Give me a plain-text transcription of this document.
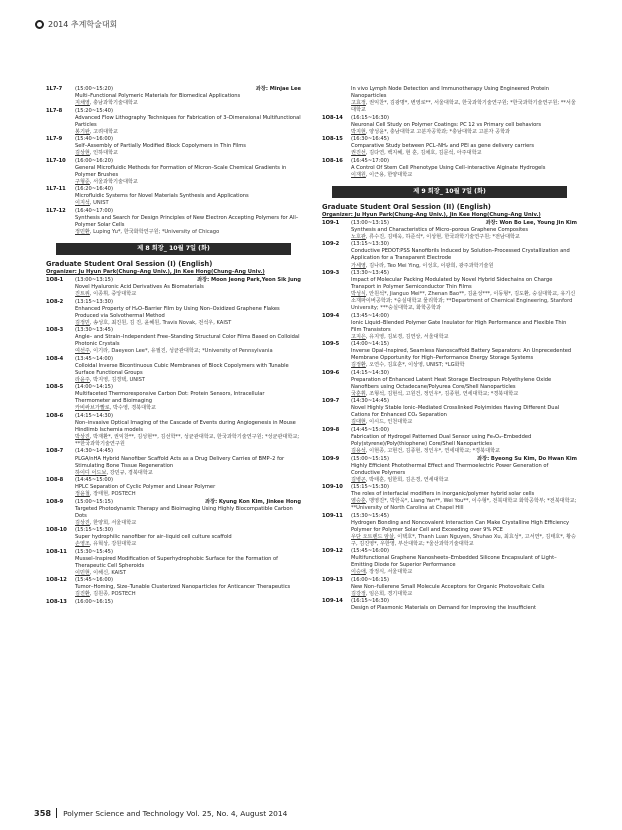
2014 추계학술대회
1L7-7	(15:00~15:20)	좌장: Minjae Lee
Multi–Functional Polymeric Materials for Biomedical Applications
지채영, 충남과학기술대학교
1L7-8	(15:20~15:40)
Advanced Flow Lithography Techniques for Fabrication of 3–Dimensional Multifunctional Particles
봉기완, 고려대학교
1L7-9	(15:40~16:00)
Self–Assembly of Partially Modified Block Copolymers in Thin Films
김상현, 인하대학교
1L7-10	(16:00~16:20)
General Microfluidic Methods for Formation of Micron–Scale Chemical Gradients in Polymer Brushes
구형준, 서울과학기술대학교
1L7-11	(16:20~16:40)
Microfluidic Systems for Novel Materials Synthesis and Applications
이지석, UNIST
1L7-12	(16:40~17:00)
Synthesis and Search for Design Principles of New Electron Accepting Polymers for All–Polymer Solar Cells
정민환, Luping Yu*, 한국화학연구원; *University of Chicago
제 8 회장_ 10월 7일 (화)
Graduate Student Oral Session (I) (English)
Organizer: Ju Hyun Park(Chung–Ang Univ.), Jin Kee Hong(Chung–Ang Univ.)
1O8-1	(13:00~13:15)	좌장: Moon Jeong Park,Yeon Sik Jung
Novel Hyaluronic Acid Derivatives As Biomaterials
진트위, 이종휘, 중앙대학교
1O8-2	(13:15~13:30)
Enhanced Property of H₂O–Barrier Film by Using Non–Oxidized Graphene Flakes Produced via Solvothermal Method
김정민, 송성호, 최진원, 김 진, 윤혜원, Travis Novak, 전석우, KAIST
1O8-3	(13:30~13:45)
Angle– and Strain–Independent Free–Standing Structural Color Films Based on Colloidal Photonic Crystals
여선주, 이기라, Daeyeon Lee*, 유필진, 성균관대학교; *University of Pennsylvania
1O8-4	(13:45~14:00)
Colloidal Inverse Bicontinuous Cubic Membranes of Block Copolymers with Tunable Surface Functional Groups
라윤주, 박지영, 김경택, UNIST
1O8-5	(14:00~14:15)
Multifaceted Thermoresponsive Carbon Dot: Protein Sensors, Intracellular Thermometer and Bioimaging
카비싸브가빨로, 박수영, 경북대학교
1O8-6	(14:15~14:30)
Non–invasive Optical Imaging of the Cascade of Events during Angiogenesis in Mouse Hindlimb Ischemia models
박상진, 박재환*, 권익찬**, 김성현**, 김선학**, 성균관대학교, 한국과학기술연구원; *성균관대학교; **한국과학기술연구원
1O8-7	(14:30~14:45)
PLGA/nHA Hybrid Nanofiber Scaffold Acts as a Drug Delivery Carries of BMP–2 for Stimulating Bone Tissue Regeneration
하이디 이드보, 강민규, 경북대학교
1O8-8	(14:45~15:00)
HPLC Separation of Cyclic Polymer and Linear Polymer
정윤철, 장태현, POSTECH
1O8-9	(15:00~15:15)	좌장: Kyung Kon Kim, Jinkee Hong
Targeted Photodynamic Therapy and Bioimaging Using Highly Biocompatible Carbon Dots
김상진, 한양희, 서울대학교
1O8-10	(15:15~15:30)
Super hydrophilic nanofiber for air–liquid cell culture scaffold
손영조, 유혁상, 강원대학교
1O8-11	(15:30~15:45)
Mussel–Inspired Modification of Superhydrophobic Surface for the Formation of Therapeutic Cell Spheroids
이민현, 이해신, KAIST
1O8-12	(15:45~16:00)
Tumor–Homing, Size–Tunable Clusterized Nanoparticles for Anticancer Therapeutics
김진환, 김원종, POSTECH
1O8-13	(16:00~16:15)
In vivo Lymph Node Detection and Immunotherapy Using Engineered Protein Nanoparticles
고효정, 권익찬*, 김광명*, 변영로**, 서울대학교, 한국과학기술연구원; *한국과학기술연구원; **서울대학교
1O8-14	(16:15~16:30)
Neuronal Cell Study on Polymer Coatings: PC 12 vs Primary cell behaviors
박지현, 양성윤*, 충남대학교 고분자공학과; *충남대학교 고분자 공학과
1O8-15	(16:30~16:45)
Comparative Study between PCL–NH₂ and PEI as gene delivery carriers
권진선, 김다연, 백지혜, 현 훈, 김채호, 김문석, 아주대학교
1O8-16	(16:45~17:00)
A Control Of Stem Cell Phenotype Using Cell–interactive Alginate Hydrogels
이재원, 이근용, 한양대학교
제 9 회장_ 10월 7일 (화)
Graduate Student Oral Session (II) (English)
Organizer: Ju Hyun Park(Chung–Ang Univ.), Jin Kee Hong(Chung–Ang Univ.)
1O9-1	(13:00~13:15)	좌장: Won Bo Lee, Young Jin Kim
Synthesis and Characteristics of Micro–porous Graphene Composites
노호관, 류수진, 김태욱, 하준석*, 이상현, 한국과학기술연구원; *전남대학교
1O9-2	(13:15~13:30)
Conductive PEDOT:PSS Nanofibrils Induced by Solution–Processed Crystallization and Application for a Transparent Electrode
가세영, 김나라, Teo Mei Ying, 이성호, 이광희, 광주과학기술원
1O9-3	(13:30~13:45)
Impact of Molecular Packing Modulated by Novel Hybrid Sidechains on Charge Transport in Polymer Semiconductor Thin Films
박성식, 안원석*, Jianguo Mei**, Zhenan Bao**, 김윤성***, 이동형*, 김도환, 숭실대학교, 유기신소재파이버공학과; *숭실대학교 물리학과; **Department of Chemical Engineering, Stanford University; ***숭실대학교, 화학공학과
1O9-4	(13:45~14:00)
Ionic Liquid–Blended Polymer Gate Insulator for High Performance and Flexible Thin Film Transistors
고지은, 유지영, 김보경, 김연상, 서울대학교
1O9-5	(14:00~14:15)
Inverse Opal–Inspired, Seamless Nanoscaffold Battery Separators: An Unprecedented Membrane Opportunity for High–Performance Energy Storage Systems
김정환, 오연수, 김효훈*, 이상영, UNIST; *LG화학
1O9-6	(14:15~14:30)
Preparation of Enhanced Latent Heat Storage Electrospun Polyethylene Oxide Nanofibers using Octadecane/Polyurea Core/Shell Nanoparticles
국훈휘, 조형석, 김현석, 고원건, 정인우*, 김종현, 연세대학교; *경북대학교
1O9-7	(14:30~14:45)
Novel Highly Stable Ionic–Mediated Crosslinked Polyimides Having Different Dual Cations for Enhanced CO₂ Separation
김대현, 이시드, 인천대학교
1O9-8	(14:45~15:00)
Fabrication of Hydrogel Patterned Dual Sensor using Fe₃O₄–Embedded Poly(styrene)/Poly(thiophene) Core/Shell Nanoparticles
김용석, 이현종, 고현건, 김종현, 정인우*, 연세대학교; *경북대학교
1O9-9	(15:00~15:15)	좌장: Byeong Su Kim, Do Hwan Kim
Highly Efficient Photothermal Effect and Thermoelectric Power Generation of Conductive Polymers
김병곤, 박태훈, 임한희, 김은경, 연세대학교
1O9-10	(15:15~15:30)
The roles of interfacial modifiers in inorganic/polymer hybrid solar cells
염승훈, 맹영진*, 박한욱*, Liang Yan**, Wei You**, 이수형*, 전북대학교 화학공학부; *전북대학교; **University of North Carolina at Chapel Hill
1O9-11	(15:30~15:45)
Hydrogen Bonding and Noncovalent Interaction Can Make Crystalline High Efficiency Polymer for Polymer Solar Cell and Exceeding over 9% PCE
우단 오트렌드 암살, 이택호*, Thanh Luan Nguyen, Shuhao Xu, 최효성*, 고서연*, 김태호*, 황승구, 김진영*, 우한영, 부산대학교; *울산과학기술대학교
1O9-12	(15:45~16:00)
Multifunctional Graphene Nanosheets–Embedded Silicone Encapsulant of Light–Emitting Diode for Superior Performance
이승애, 장정식, 서울대학교
1O9-13	(16:00~16:15)
New Non–fullerene Small Molecule Acceptors for Organic Photovoltaic Cells
김강정, 임은희, 경기대학교
1O9-14	(16:15~16:30)
Design of Plasmonic Materials on Demand for Improving the Insufficient
358 Polymer Science and Technology Vol. 25, No. 4, August 2014
